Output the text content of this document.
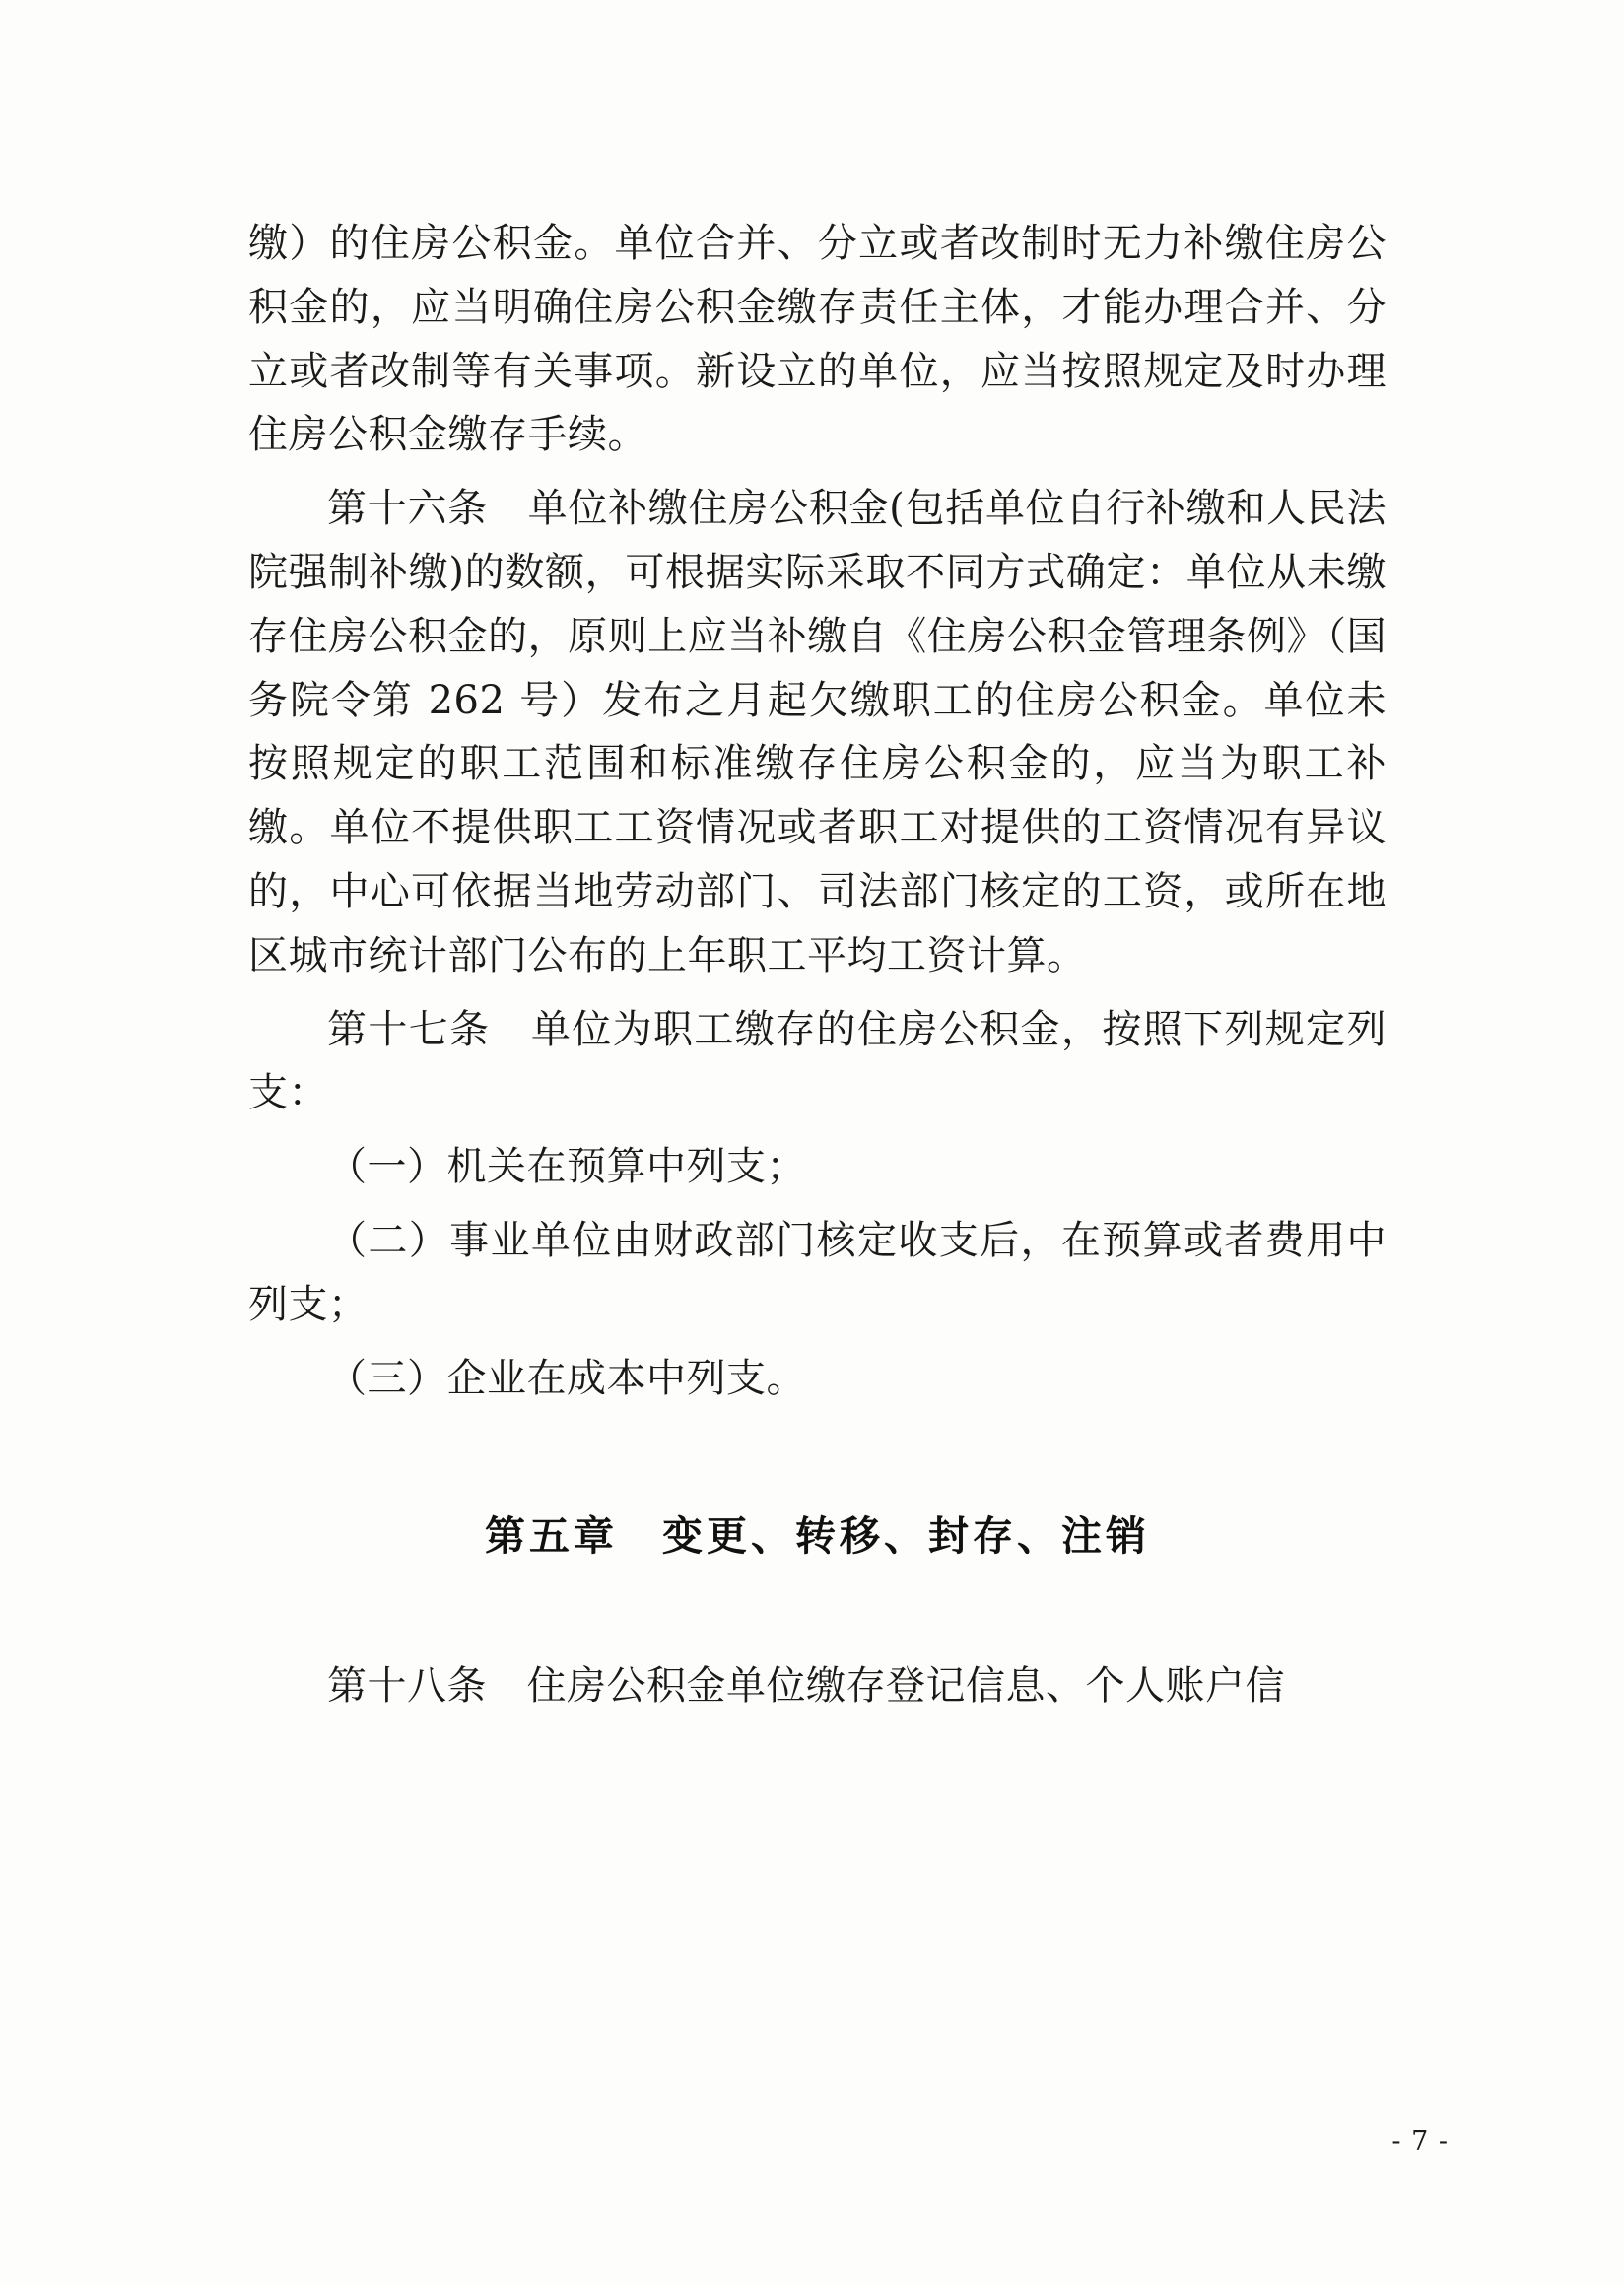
缴）的住房公积金。单位合并、分立或者改制时无力补缴住房公积金的，应当明确住房公积金缴存责任主体，才能办理合并、分立或者改制等有关事项。新设立的单位，应当按照规定及时办理住房公积金缴存手续。

第十六条　单位补缴住房公积金(包括单位自行补缴和人民法院强制补缴)的数额，可根据实际采取不同方式确定：单位从未缴存住房公积金的，原则上应当补缴自《住房公积金管理条例》（国务院令第 262 号）发布之月起欠缴职工的住房公积金。单位未按照规定的职工范围和标准缴存住房公积金的，应当为职工补缴。单位不提供职工工资情况或者职工对提供的工资情况有异议的，中心可依据当地劳动部门、司法部门核定的工资，或所在地区城市统计部门公布的上年职工平均工资计算。

第十七条　单位为职工缴存的住房公积金，按照下列规定列支：

（一）机关在预算中列支；

（二）事业单位由财政部门核定收支后，在预算或者费用中列支；

（三）企业在成本中列支。

第五章　变更、转移、封存、注销

第十八条　住房公积金单位缴存登记信息、个人账户信

- 7 -
